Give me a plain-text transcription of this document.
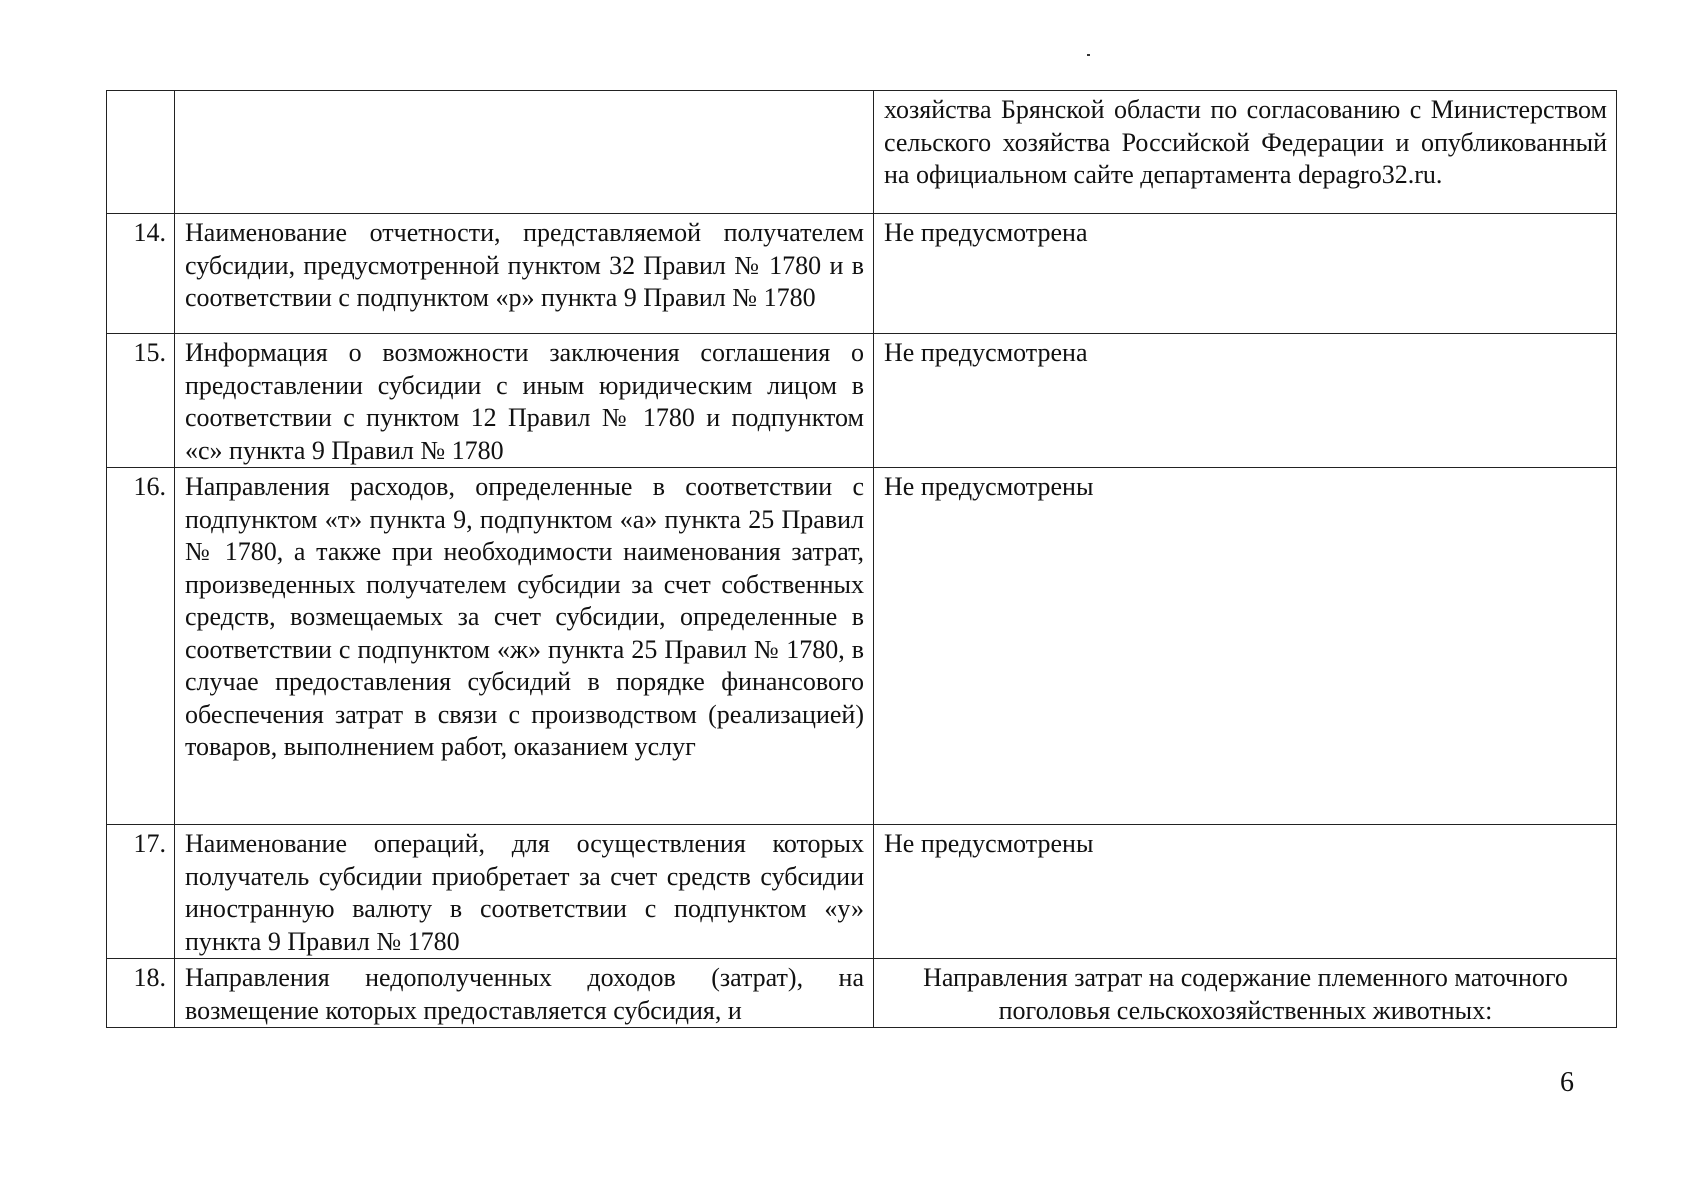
		хозяйства Брянской области по согласованию с Министерством сельского хозяйства Российской Федерации и опубликованный на официальном сайте департамента depagro32.ru.
14.	Наименование отчетности, представляемой получателем субсидии, предусмотренной пунктом 32 Правил № 1780 и в соответствии с подпунктом «р» пункта 9 Правил № 1780	Не предусмотрена
15.	Информация о возможности заключения соглашения о предоставлении субсидии с иным юридическим лицом в соответствии с пунктом 12 Правил № 1780 и подпунктом «с» пункта 9 Правил № 1780	Не предусмотрена
16.	Направления расходов, определенные в соответствии с подпунктом «т» пункта 9, подпунктом «а» пункта 25 Правил № 1780, а также при необходимости наименования затрат, произведенных получателем субсидии за счет собственных средств, возмещаемых за счет субсидии, определенные в соответствии с подпунктом «ж» пункта 25 Правил № 1780, в случае предоставления субсидий в порядке финансового обеспечения затрат в связи с производством (реализацией) товаров, выполнением работ, оказанием услуг	Не предусмотрены
17.	Наименование операций, для осуществления которых получатель субсидии приобретает за счет средств субсидии иностранную валюту в соответствии с подпунктом «у» пункта 9 Правил № 1780	Не предусмотрены
18.	Направления недополученных доходов (затрат), на возмещение которых предоставляется субсидия, и	Направления затрат на содержание племенного маточного поголовья сельскохозяйственных животных:
6
